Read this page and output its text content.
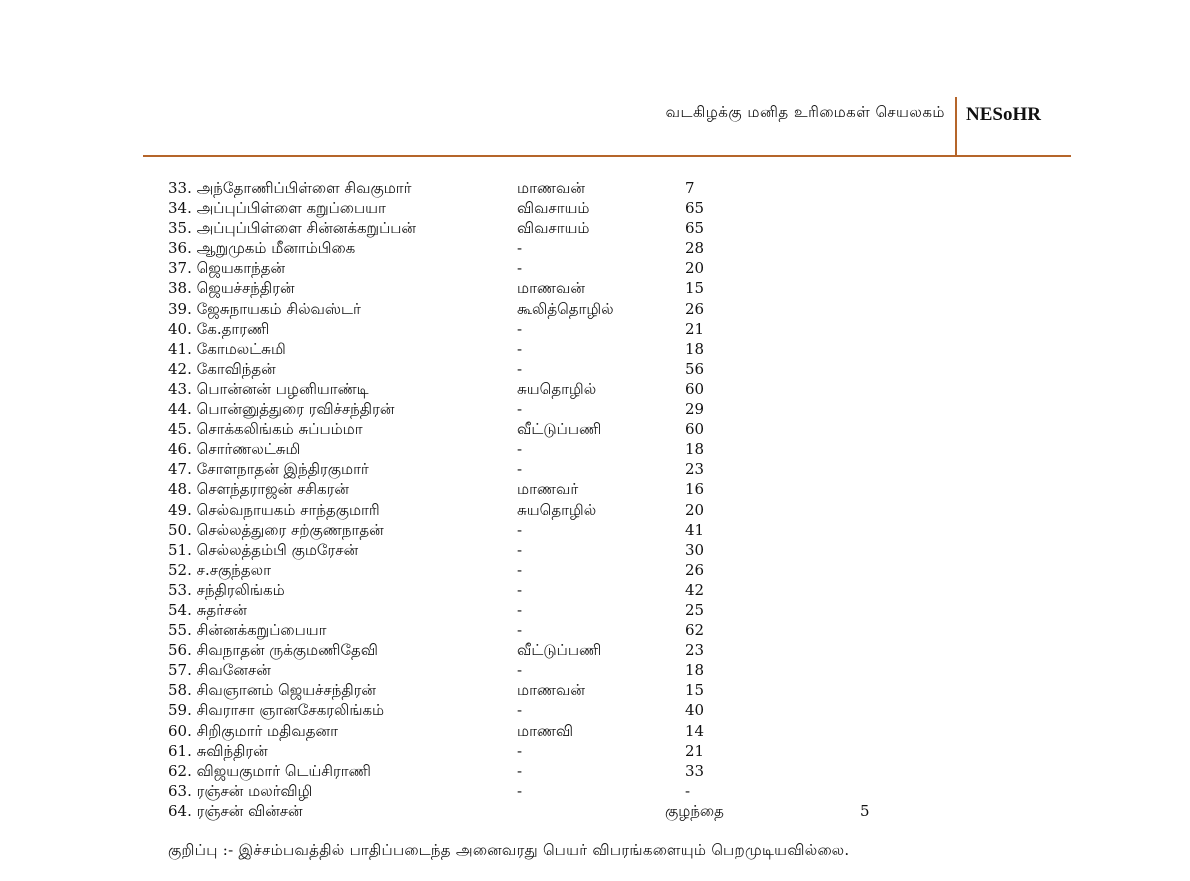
வடகிழக்கு மனித உரிமைகள் செயலகம் NESoHR
33. அந்தோணிப்பிள்ளை சிவகுமார்	மாணவன்	7
34. அப்புப்பிள்ளை கறுப்பையா	விவசாயம்	65
35. அப்புப்பிள்ளை சின்னக்கறுப்பன்	விவசாயம்	65
36. ஆறுமுகம் மீனாம்பிகை	-	28
37. ஜெயகாந்தன்	-	20
38. ஜெயச்சந்திரன்	மாணவன்	15
39. ஜேசுநாயகம் சில்வஸ்டர்	கூலித்தொழில்	26
40. கே.தாரணி	-	21
41. கோமலட்சுமி	-	18
42. கோவிந்தன்	-	56
43. பொன்னன் பழனியாண்டி	சுயதொழில்	60
44. பொன்னுத்துரை ரவிச்சந்திரன்	-	29
45. சொக்கலிங்கம் சுப்பம்மா	வீட்டுப்பணி	60
46. சொர்ணலட்சுமி	-	18
47. சோளநாதன் இந்திரகுமார்	-	23
48. சௌந்தராஜன் சசிகரன்	மாணவர்	16
49. செல்வநாயகம் சாந்தகுமாரி	சுயதொழில்	20
50. செல்லத்துரை சற்குணநாதன்	-	41
51. செல்லத்தம்பி குமரேசன்	-	30
52. ச.சகுந்தலா	-	26
53. சந்திரலிங்கம்	-	42
54. சுதர்சன்	-	25
55. சின்னக்கறுப்பையா	-	62
56. சிவநாதன் ருக்குமணிதேவி	வீட்டுப்பணி	23
57. சிவனேசன்	-	18
58. சிவஞானம் ஜெயச்சந்திரன்	மாணவன்	15
59. சிவராசா ஞானசேகரலிங்கம்	-	40
60. சிறிகுமார் மதிவதனா	மாணவி	14
61. சுவிந்திரன்	-	21
62. விஜயகுமார் டெய்சிராணி	-	33
63. ரஞ்சன் மலர்விழி	-	-
64. ரஞ்சன் வின்சன்	குழந்தை	5
குறிப்பு :- இச்சம்பவத்தில் பாதிப்படைந்த அனைவரது பெயர் விபரங்களையும் பெறமுடியவில்லை.
